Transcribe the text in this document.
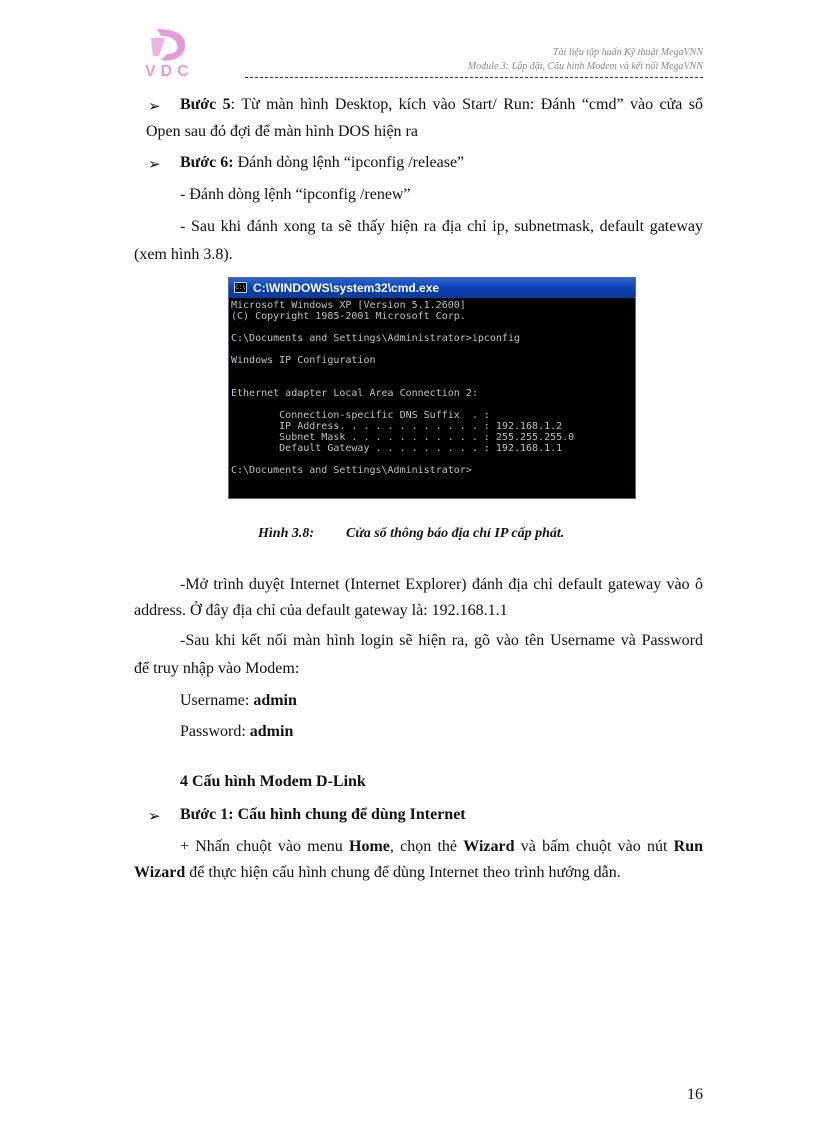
VDC
Tài liệu tập huấn Kỹ thuật MegaVNN
Module 3: Lắp đặt, Cấu hình Modem và kết nối MegaVNN
➢ Bước 5: Từ màn hình Desktop, kích vào Start/ Run: Đánh “cmd” vào cửa sổ
Open sau đó đợi để màn hình DOS hiện ra
➢ Bước 6: Đánh dòng lệnh “ipconfig /release”
- Đánh dòng lệnh “ipconfig /renew”
- Sau khi đánh xong ta sẽ thấy hiện ra địa chỉ ip, subnetmask, default gateway
(xem hình 3.8).
C:\ C:\WINDOWS\system32\cmd.exe
Microsoft Windows XP [Version 5.1.2600]
(C) Copyright 1985-2001 Microsoft Corp.

C:\Documents and Settings\Administrator>ipconfig

Windows IP Configuration

Ethernet adapter Local Area Connection 2:

Connection-specific DNS Suffix  . :
IP Address. . . . . . . . . . . . : 192.168.1.2
Subnet Mask . . . . . . . . . . . : 255.255.255.0
Default Gateway . . . . . . . . . : 192.168.1.1

C:\Documents and Settings\Administrator>
Hình 3.8: Cửa sổ thông báo địa chỉ IP cấp phát.
-Mở trình duyệt Internet (Internet Explorer) đánh địa chỉ default gateway vào ô
address. Ở đây địa chỉ của default gateway là: 192.168.1.1
-Sau khi kết nối màn hình login sẽ hiện ra, gõ vào tên Username và Password
để truy nhập vào Modem:
Username: admin
Password: admin
4 Cấu hình Modem D-Link
➢ Bước 1: Cấu hình chung để dùng Internet
+ Nhấn chuột vào menu Home, chọn thẻ Wizard và bấm chuột vào nút Run
Wizard để thực hiện cấu hình chung để dùng Internet theo trình hướng dẫn.
16
